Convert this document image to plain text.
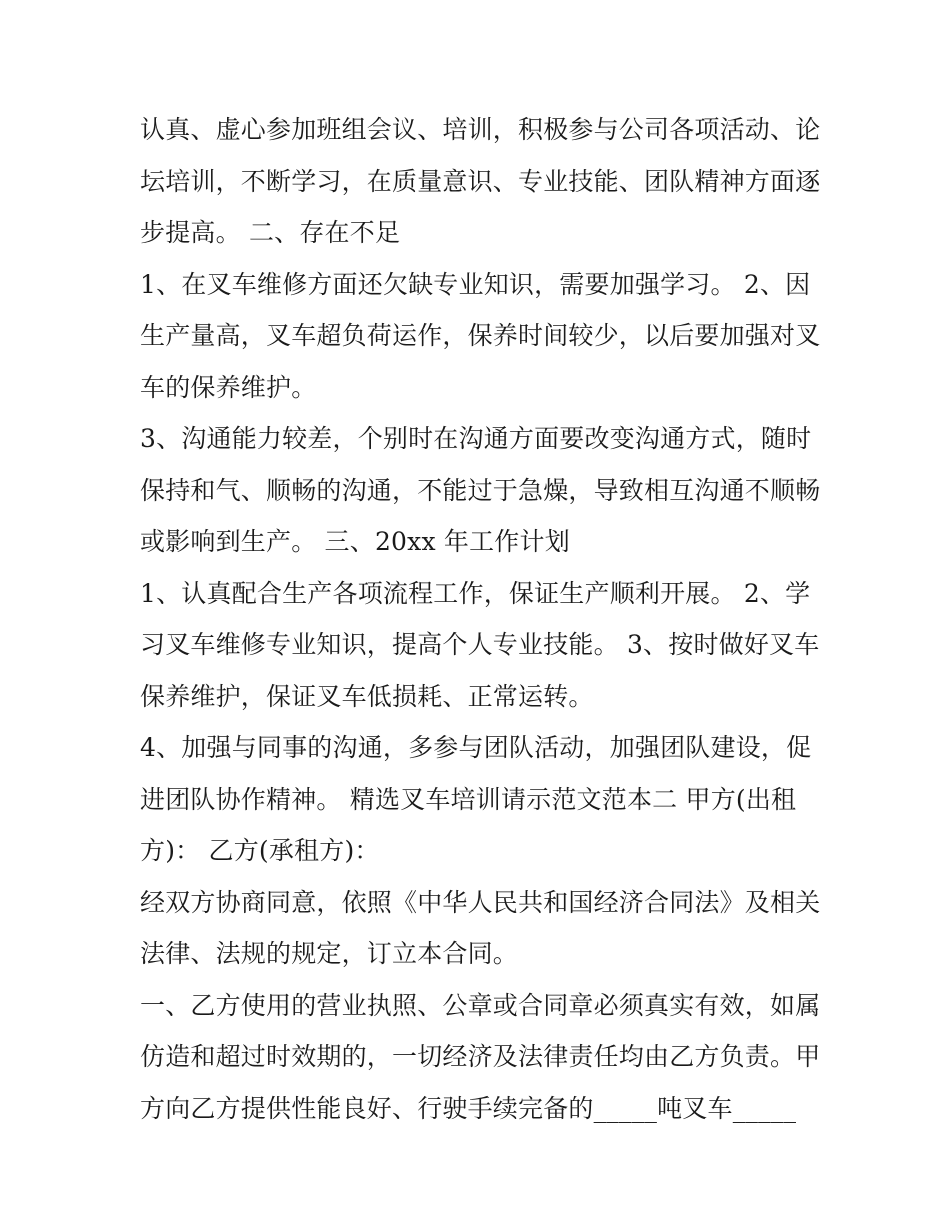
认真、虚心参加班组会议、培训，积极参与公司各项活动、论
坛培训，不断学习，在质量意识、专业技能、团队精神方面逐
步提高。 二、存在不足
1、在叉车维修方面还欠缺专业知识，需要加强学习。 2、因
生产量高，叉车超负荷运作，保养时间较少，以后要加强对叉
车的保养维护。
3、沟通能力较差，个别时在沟通方面要改变沟通方式，随时
保持和气、顺畅的沟通，不能过于急燥，导致相互沟通不顺畅
或影响到生产。 三、20xx 年工作计划
1、认真配合生产各项流程工作，保证生产顺利开展。 2、学
习叉车维修专业知识，提高个人专业技能。 3、按时做好叉车
保养维护，保证叉车低损耗、正常运转。
4、加强与同事的沟通，多参与团队活动，加强团队建设，促
进团队协作精神。 精选叉车培训请示范文范本二 甲方(出租
方)： 乙方(承租方)：
经双方协商同意，依照《中华人民共和国经济合同法》及相关
法律、法规的规定，订立本合同。
一、乙方使用的营业执照、公章或合同章必须真实有效，如属
仿造和超过时效期的，一切经济及法律责任均由乙方负责。甲
方向乙方提供性能良好、行驶手续完备的_____吨叉车_____
